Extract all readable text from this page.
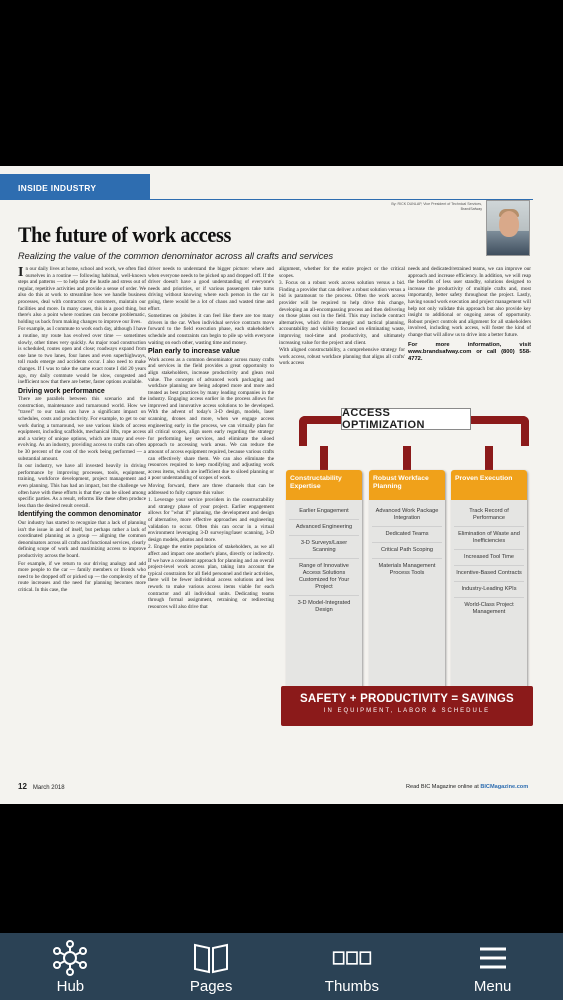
INSIDE INDUSTRY
By: RICK DUNLAP, Vice President of Technical Services, BrandSafway
The future of work access
Realizing the value of the common denominator across all crafts and services

In our daily lives at home, school and work, we often find ourselves in a routine — following habitual, well-known steps and patterns — to help take the hustle and stress out of regular, repetitive activities and provide a sense of order. We also do this at work to streamline how we handle business processes, deal with contractors or customers, maintain our facilities and more. In many cases, this is a good thing, but there's also a point where routines can become problematic, holding us back from making changes to improve our lives.

For example, as I commute to work each day, although I have a routine, my route has evolved over time — sometimes slowly, other times very quickly. As major road construction is scheduled, routes open and close; roadways expand from one lane to two lanes, four lanes and even superhighways, toll roads emerge and accidents occur. I also need to make changes. If I was to take the same exact route I did 20 years ago, my daily commute would be slow, congested and inefficient now that there are better, faster options available.

Driving work performance

There are parallels between this scenario and the construction, maintenance and turnaround world. How we "travel" to our tasks can have a significant impact on schedules, costs and productivity. For example, to get to our work during a turnaround, we use various kinds of access equipment, including scaffolds, mechanical lifts, rope access and a variety of unique options, which are many and ever-evolving. As an industry, providing access to crafts can often be 30 percent of the cost of the work being performed — a substantial amount.

In our industry, we have all invested heavily in driving performance by improving processes, tools, equipment, training, workforce development, project management and even planning. This has had an impact, but the challenge we often have with these efforts is that they can be siloed among specific parties. As a result, reforms like these often produce less than the desired result overall.

Identifying the common denominator

Our industry has started to recognize that a lack of planning isn't the issue in and of itself, but perhaps rather a lack of coordinated planning as a group — aligning the common denominators across all crafts and functional services, clearly defining scope of work and maximizing access to improve productivity across the board.

For example, if we return to our driving analogy and add more people to the car — family members or friends who need to be dropped off or picked up — the complexity of the route increases and the need for planning becomes more critical. In this case, the

driver needs to understand the bigger picture: where and when everyone needs to be picked up and dropped off. If the driver doesn't have a good understanding of everyone's needs and priorities, or if various passengers take turns driving without knowing where each person in the car is going, there would be a lot of chaos and wasted time and effort.

Sometimes on jobsites it can feel like there are too many drivers in the car. When individual service contracts move forward to the field execution phase, each stakeholder's schedule and constraints can begin to pile up with everyone waiting on each other, wasting time and money.

Plan early to increase value

Work access as a common denominator across many crafts and services in the field provides a great opportunity to align stakeholders, increase productivity and glean real value. The concepts of advanced work packaging and workface planning are being adopted more and more and treated as best practices by many leading companies in the industry. Engaging access earlier in the process allows for improved and innovative access solutions to be developed. With the advent of today's 3-D design, models, laser scanning, drones and more, when we engage access engineering early in the process, we can virtually plan for all critical scopes, align users early regarding the strategy for performing key services, and eliminate the siloed approach to accessing work areas. We can reduce the amount of access equipment required, because various crafts can effectively share them. We can also eliminate the resources required to keep modifying and adjusting work access items, which are inefficient due to siloed planning or a poor understanding of scopes of work.

Moving forward, there are three channels that can be addressed to fully capture this value:

1. Leverage your service providers in the constructability and strategy phase of your project. Earlier engagement allows for "what if" planning, the development and design of alternative, more effective approaches and engineering validation to occur. Often this can occur in a virtual environment leveraging 3-D surveying/laser scanning, 3-D design models, photos and more.

2. Engage the entire population of stakeholders, as we all affect and impact one another's plans, directly or indirectly. If we have a consistent approach for planning and an overall project-level work access plan, taking into account the typical constraints for all field personnel and their activities, there will be fewer individual access solutions and less rework to make various access items viable for each contractor and all individual units. Dedicating teams through formal assignment, retraining or redirecting resources will also drive that

alignment, whether for the entire project or the critical scopes.

3. Focus on a robust work access solution versus a bid. Finding a provider that can deliver a robust solution versus a bid is paramount to the process. Often the work access provider will be required to help drive this change, developing an all-encompassing process and then delivering on those plans out in the field. This may include contract alternatives, which drive strategic and tactical planning, accountability and visibility focused on eliminating waste, improving tool-time and productivity, and ultimately increasing value for the project and client.

With aligned constructability, a comprehensive strategy for work access, robust workface planning that aligns all crafts' work access

needs and dedicated/retrained teams, we can improve our approach and increase efficiency. In addition, we will reap the benefits of less user standby, solutions designed to increase the productivity of multiple crafts and, most importantly, better safety throughout the project. Lastly, having sound work execution and project management will help not only validate this approach but also provide key insight to additional or ongoing areas of opportunity. Robust project controls and alignment for all stakeholders involved, including work access, will foster the kind of change that will allow us to drive into a better future.

For more information, visit www.brandsafway.com or call (800) 558-4772.

ACCESS OPTIMIZATION
Constructability Expertise
Earlier Engagement
Advanced Engineering
3-D Surveys/Laser Scanning
Range of Innovative Access Solutions Customized for Your Project
3-D Model-Integrated Design
Robust Workface Planning
Advanced Work Package Integration
Dedicated Teams
Critical Path Scoping
Materials Management Process Tools
Proven Execution
Track Record of Performance
Elimination of Waste and Inefficiencies
Increased Tool Time
Incentive-Based Contracts
Industry-Leading KPIs
World-Class Project Management
SAFETY + PRODUCTIVITY = SAVINGS
IN EQUIPMENT, LABOR & SCHEDULE
12 March 2018	Read BIC Magazine online at BICMagazine.com
Hub	Pages	Thumbs	Menu
